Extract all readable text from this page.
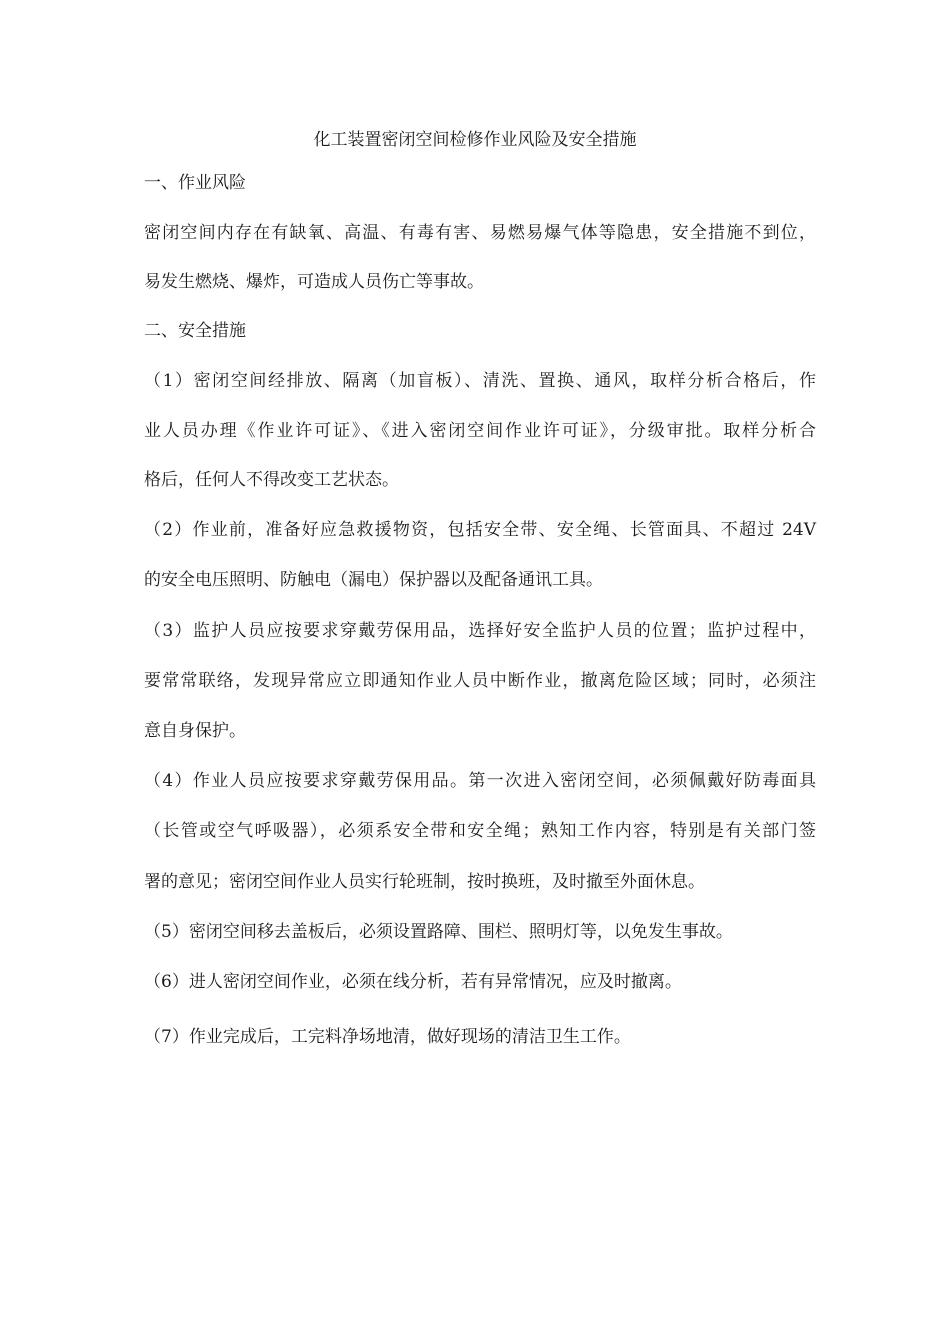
化工装置密闭空间检修作业风险及安全措施
一、作业风险
密闭空间内存在有缺氧、高温、有毒有害、易燃易爆气体等隐患，安全措施不到位，
易发生燃烧、爆炸，可造成人员伤亡等事故。
二、安全措施
（1）密闭空间经排放、隔离（加盲板）、清洗、置换、通风，取样分析合格后，作
业人员办理《作业许可证》、《进入密闭空间作业许可证》，分级审批。取样分析合
格后，任何人不得改变工艺状态。
（2）作业前，准备好应急救援物资，包括安全带、安全绳、长管面具、不超过 24V
的安全电压照明、防触电（漏电）保护器以及配备通讯工具。
（3）监护人员应按要求穿戴劳保用品，选择好安全监护人员的位置；监护过程中，
要常常联络，发现异常应立即通知作业人员中断作业，撤离危险区域；同时，必须注
意自身保护。
（4）作业人员应按要求穿戴劳保用品。第一次进入密闭空间，必须佩戴好防毒面具
（长管或空气呼吸器），必须系安全带和安全绳；熟知工作内容，特别是有关部门签
署的意见；密闭空间作业人员实行轮班制，按时换班，及时撤至外面休息。
（5）密闭空间移去盖板后，必须设置路障、围栏、照明灯等，以免发生事故。
（6）进人密闭空间作业，必须在线分析，若有异常情况，应及时撤离。
（7）作业完成后，工完料净场地清，做好现场的清洁卫生工作。
